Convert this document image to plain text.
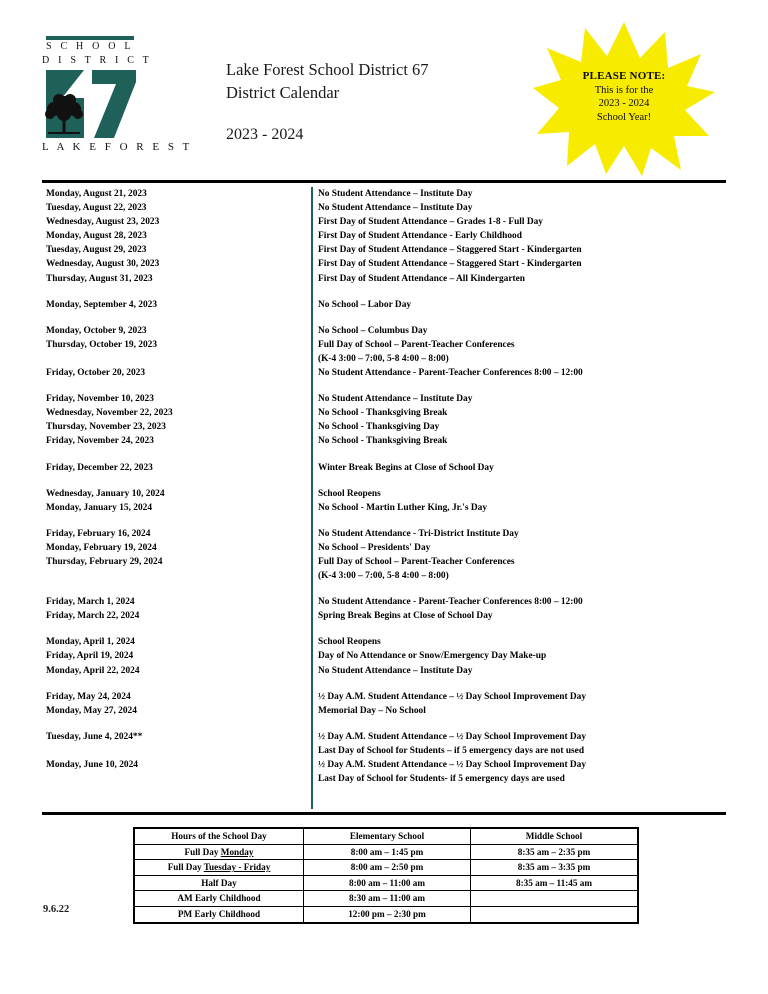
S C H O O L
D I S T R I C T
L A K E F O R E S T
Lake Forest School District 67
District Calendar
2023 - 2024
PLEASE NOTE:
This is for the
2023 - 2024
School Year!
Monday, August 21, 2023	No Student Attendance – Institute Day
Tuesday, August 22, 2023	No Student Attendance – Institute Day
Wednesday, August 23, 2023	First Day of Student Attendance – Grades 1-8 - Full Day
Monday, August 28, 2023	First Day of Student Attendance - Early Childhood
Tuesday, August 29, 2023	First Day of Student Attendance – Staggered Start - Kindergarten
Wednesday, August 30, 2023	First Day of Student Attendance – Staggered Start - Kindergarten
Thursday, August 31, 2023	First Day of Student Attendance – All Kindergarten
Monday, September 4, 2023	No School – Labor Day
Monday, October 9, 2023	No School – Columbus Day
Thursday, October 19, 2023	Full Day of School – Parent-Teacher Conferences
(K-4 3:00 – 7:00, 5-8 4:00 – 8:00)
Friday, October 20, 2023	No Student Attendance - Parent-Teacher Conferences 8:00 – 12:00
Friday, November 10, 2023	No Student Attendance – Institute Day
Wednesday, November 22, 2023	No School - Thanksgiving Break
Thursday, November 23, 2023	No School - Thanksgiving Day
Friday, November 24, 2023	No School - Thanksgiving Break
Friday, December 22, 2023	Winter Break Begins at Close of School Day
Wednesday, January 10, 2024	School Reopens
Monday, January 15, 2024	No School - Martin Luther King, Jr.'s Day
Friday, February 16, 2024	No Student Attendance - Tri-District Institute Day
Monday, February 19, 2024	No School – Presidents' Day
Thursday, February 29, 2024	Full Day of School – Parent-Teacher Conferences
(K-4 3:00 – 7:00, 5-8 4:00 – 8:00)
Friday, March 1, 2024	No Student Attendance - Parent-Teacher Conferences 8:00 – 12:00
Friday, March 22, 2024	Spring Break Begins at Close of School Day
Monday, April 1, 2024	School Reopens
Friday, April 19, 2024	Day of No Attendance or Snow/Emergency Day Make-up
Monday, April 22, 2024	No Student Attendance – Institute Day
Friday, May 24, 2024	½ Day A.M. Student Attendance – ½ Day School Improvement Day
Monday, May 27, 2024	Memorial Day – No School
Tuesday, June 4, 2024**	½ Day A.M. Student Attendance – ½ Day School Improvement Day
Last Day of School for Students – if 5 emergency days are not used
Monday, June 10, 2024	½ Day A.M. Student Attendance – ½ Day School Improvement Day
Last Day of School for Students- if 5 emergency days are used
Hours of the School Day	Elementary School	Middle School
Full Day Monday	8:00 am – 1:45 pm	8:35 am – 2:35 pm
Full Day Tuesday - Friday	8:00 am – 2:50 pm	8:35 am – 3:35 pm
Half Day	8:00 am – 11:00 am	8:35 am – 11:45 am
AM Early Childhood	8:30 am – 11:00 am	
PM Early Childhood	12:00 pm – 2:30 pm	
9.6.22
